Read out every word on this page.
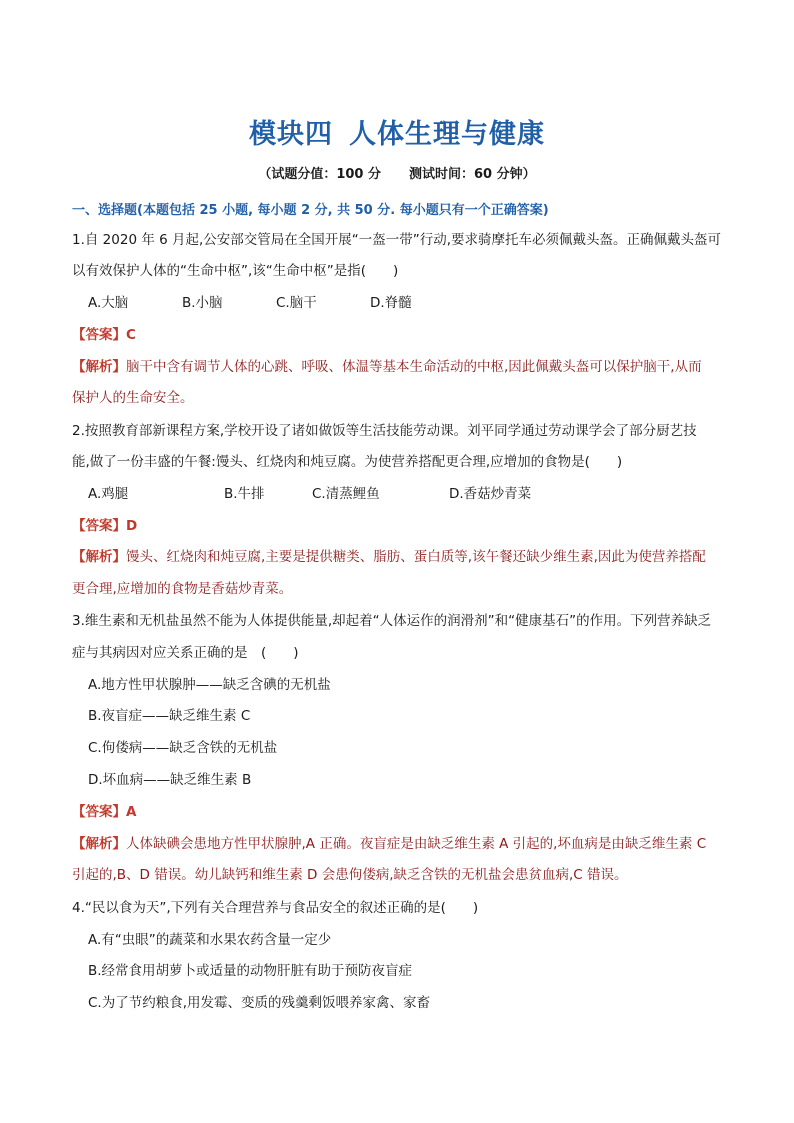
模块四 人体生理与健康
（试题分值：100 分 测试时间：60 分钟）
一、选择题(本题包括 25 小题, 每小题 2 分, 共 50 分. 每小题只有一个正确答案)
1.自 2020 年 6 月起,公安部交管局在全国开展“一盔一带”行动,要求骑摩托车必须佩戴头盔。正确佩戴头盔可
以有效保护人体的“生命中枢”,该“生命中枢”是指(　　)
A.大脑	B.小脑	C.脑干	D.脊髓
【答案】C
【解析】脑干中含有调节人体的心跳、呼吸、体温等基本生命活动的中枢,因此佩戴头盔可以保护脑干,从而
保护人的生命安全。
2.按照教育部新课程方案,学校开设了诸如做饭等生活技能劳动课。刘平同学通过劳动课学会了部分厨艺技
能,做了一份丰盛的午餐:馒头、红烧肉和炖豆腐。为使营养搭配更合理,应增加的食物是(　　)
A.鸡腿	B.牛排	C.清蒸鲤鱼	D.香菇炒青菜
【答案】D
【解析】馒头、红烧肉和炖豆腐,主要是提供糖类、脂肪、蛋白质等,该午餐还缺少维生素,因此为使营养搭配
更合理,应增加的食物是香菇炒青菜。
3.维生素和无机盐虽然不能为人体提供能量,却起着“人体运作的润滑剂”和“健康基石”的作用。下列营养缺乏
症与其病因对应关系正确的是　(　　)
A.地方性甲状腺肿——缺乏含碘的无机盐
B.夜盲症——缺乏维生素 C
C.佝偻病——缺乏含铁的无机盐
D.坏血病——缺乏维生素 B
【答案】A
【解析】人体缺碘会患地方性甲状腺肿,A 正确。夜盲症是由缺乏维生素 A 引起的,坏血病是由缺乏维生素 C
引起的,B、D 错误。幼儿缺钙和维生素 D 会患佝偻病,缺乏含铁的无机盐会患贫血病,C 错误。
4.“民以食为天”,下列有关合理营养与食品安全的叙述正确的是(　　)
A.有“虫眼”的蔬菜和水果农药含量一定少
B.经常食用胡萝卜或适量的动物肝脏有助于预防夜盲症
C.为了节约粮食,用发霉、变质的残羹剩饭喂养家禽、家畜
